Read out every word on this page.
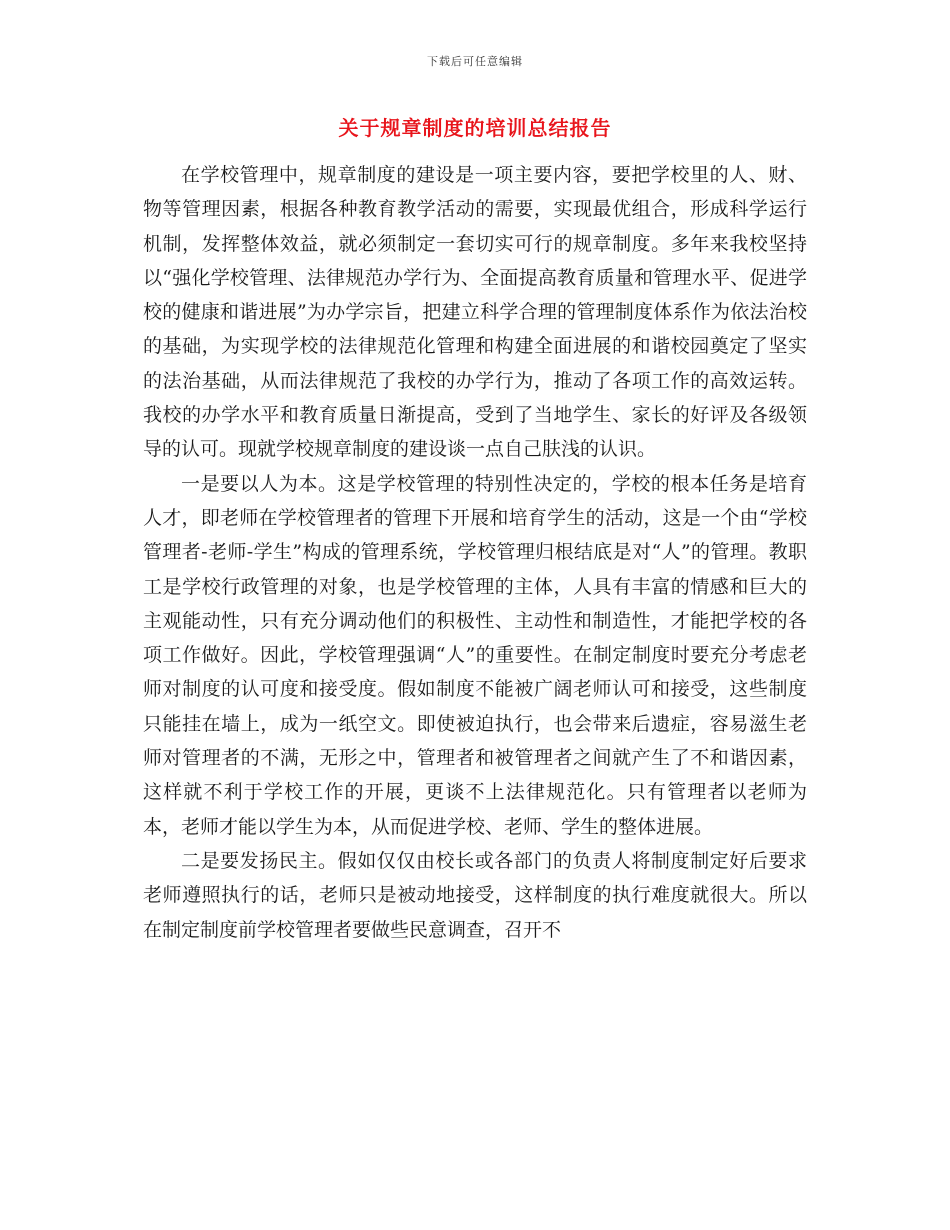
下载后可任意编辑
关于规章制度的培训总结报告

在学校管理中，规章制度的建设是一项主要内容，要把学校里的人、财、物等管理因素，根据各种教育教学活动的需要，实现最优组合，形成科学运行机制，发挥整体效益，就必须制定一套切实可行的规章制度。多年来我校坚持以“强化学校管理、法律规范办学行为、全面提高教育质量和管理水平、促进学校的健康和谐进展”为办学宗旨，把建立科学合理的管理制度体系作为依法治校的基础，为实现学校的法律规范化管理和构建全面进展的和谐校园奠定了坚实的法治基础，从而法律规范了我校的办学行为，推动了各项工作的高效运转。我校的办学水平和教育质量日渐提高，受到了当地学生、家长的好评及各级领导的认可。现就学校规章制度的建设谈一点自己肤浅的认识。

一是要以人为本。这是学校管理的特别性决定的，学校的根本任务是培育人才，即老师在学校管理者的管理下开展和培育学生的活动，这是一个由“学校管理者-老师-学生”构成的管理系统，学校管理归根结底是对“人”的管理。教职工是学校行政管理的对象，也是学校管理的主体，人具有丰富的情感和巨大的主观能动性，只有充分调动他们的积极性、主动性和制造性，才能把学校的各项工作做好。因此，学校管理强调“人”的重要性。在制定制度时要充分考虑老师对制度的认可度和接受度。假如制度不能被广阔老师认可和接受，这些制度只能挂在墙上，成为一纸空文。即使被迫执行，也会带来后遗症，容易滋生老师对管理者的不满，无形之中，管理者和被管理者之间就产生了不和谐因素，这样就不利于学校工作的开展，更谈不上法律规范化。只有管理者以老师为本，老师才能以学生为本，从而促进学校、老师、学生的整体进展。

二是要发扬民主。假如仅仅由校长或各部门的负责人将制度制定好后要求老师遵照执行的话，老师只是被动地接受，这样制度的执行难度就很大。所以在制定制度前学校管理者要做些民意调查，召开不
